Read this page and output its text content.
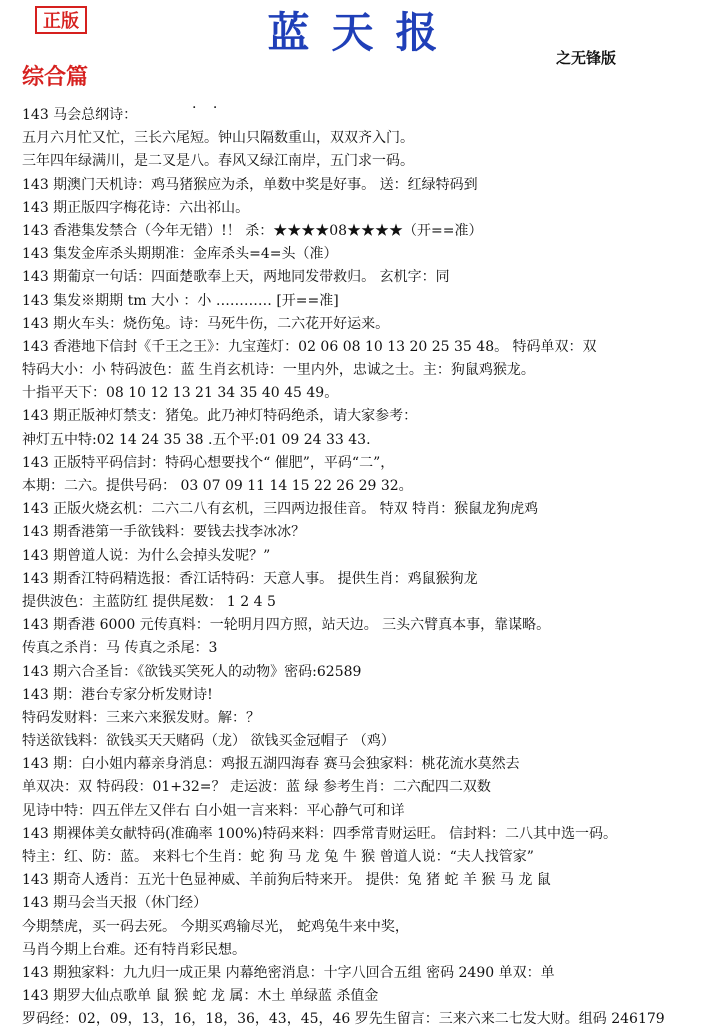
正版	蓝天报
之无锋版
综合篇
. .
143 马会总纲诗：
五月六月忙又忙，三长六尾短。钟山只隔数重山，双双齐入门。
三年四年绿满川，是二叉是八。春风又绿江南岸，五门求一码。
143 期澳门天机诗：鸡马猪猴应为杀，单数中奖是好事。 送：红绿特码到
143 期正版四字梅花诗：六出祁山。
143 香港集发禁合（今年无错）!！ 杀：★★★★08★★★★（开==准）
143 集发金库杀头期期准：金库杀头=4=头（准）
143 期葡京一句话：四面楚歌奉上天，两地同发带救归。 玄机字：同
143 集发※期期 tm 大小 ：小 ………… [开==准]
143 期火车头：烧伤兔。诗：马死牛伤，二六花开好运来。
143 香港地下信封《千王之王》：九宝莲灯：02 06 08 10 13 20 25 35 48。 特码单双：双
特码大小：小 特码波色：蓝 生肖玄机诗：一里内外，忠诚之士。主：狗鼠鸡猴龙。
十指平天下：08 10 12 13 21 34 35 40 45 49。
143 期正版神灯禁支：猪兔。此乃神灯特码绝杀，请大家参考：
神灯五中特:02 14 24 35 38 .五个平:01 09 24 33 43.
143 正版特平码信封：特码心想要找个“ 催肥”，平码“二”，
本期：二六。提供号码： 03 07 09 11 14 15 22 26 29 32。
143 正版火烧玄机：二六二八有玄机，三四两边报佳音。 特双 特肖：猴鼠龙狗虎鸡
143 期香港第一手欲钱料：要钱去找李冰冰？
143 期曾道人说：为什么会掉头发呢？”
143 期香江特码精选报：香江话特码：天意人事。 提供生肖：鸡鼠猴狗龙
提供波色：主蓝防红 提供尾数： 1 2 4 5
143 期香港 6000 元传真料：一轮明月四方照，站天边。 三头六臂真本事，靠谋略。
传真之杀肖：马 传真之杀尾：3
143 期六合圣旨：《欲钱买笑死人的动物》密码:62589
143 期：港台专家分析发财诗!
特码发财料：三来六来猴发财。解：？
特送欲钱料：欲钱买天天赌码（龙） 欲钱买金冠帽子 （鸡）
143 期：白小姐内幕亲身消息：鸡报五湖四海春 赛马会独家料：桃花流水莫然去
单双决：双 特码段：01+32=？ 走运波：蓝 绿 参考生肖：二六配四二双数
见诗中特：四五伴左又伴右 白小姐一言来料：平心静气可和详
143 期裸体美女献特码(准确率 100%)特码来料：四季常青财运旺。 信封料：二八其中选一码。
特主：红、防：蓝。 来料七个生肖：蛇 狗 马 龙 兔 牛 猴 曾道人说：“夫人找管家”
143 期奇人透肖：五光十色显神威、羊前狗后特来开。 提供：兔 猪 蛇 羊 猴 马 龙 鼠
143 期马会当天报（休门经）
今期禁虎，买一码去死。 今期买鸡输尽光， 蛇鸡兔牛来中奖，
马肖今期上台难。还有特肖彩民想。
143 期独家料：九九归一成正果 内幕绝密消息：十字八回合五组 密码 2490 单双：单
143 期罗大仙点歌单 鼠 猴 蛇 龙 属：木土 单绿蓝 杀值金
罗码经：02，09，13，16，18，36，43，45，46 罗先生留言：三来六来二七发大财。组码 246179
